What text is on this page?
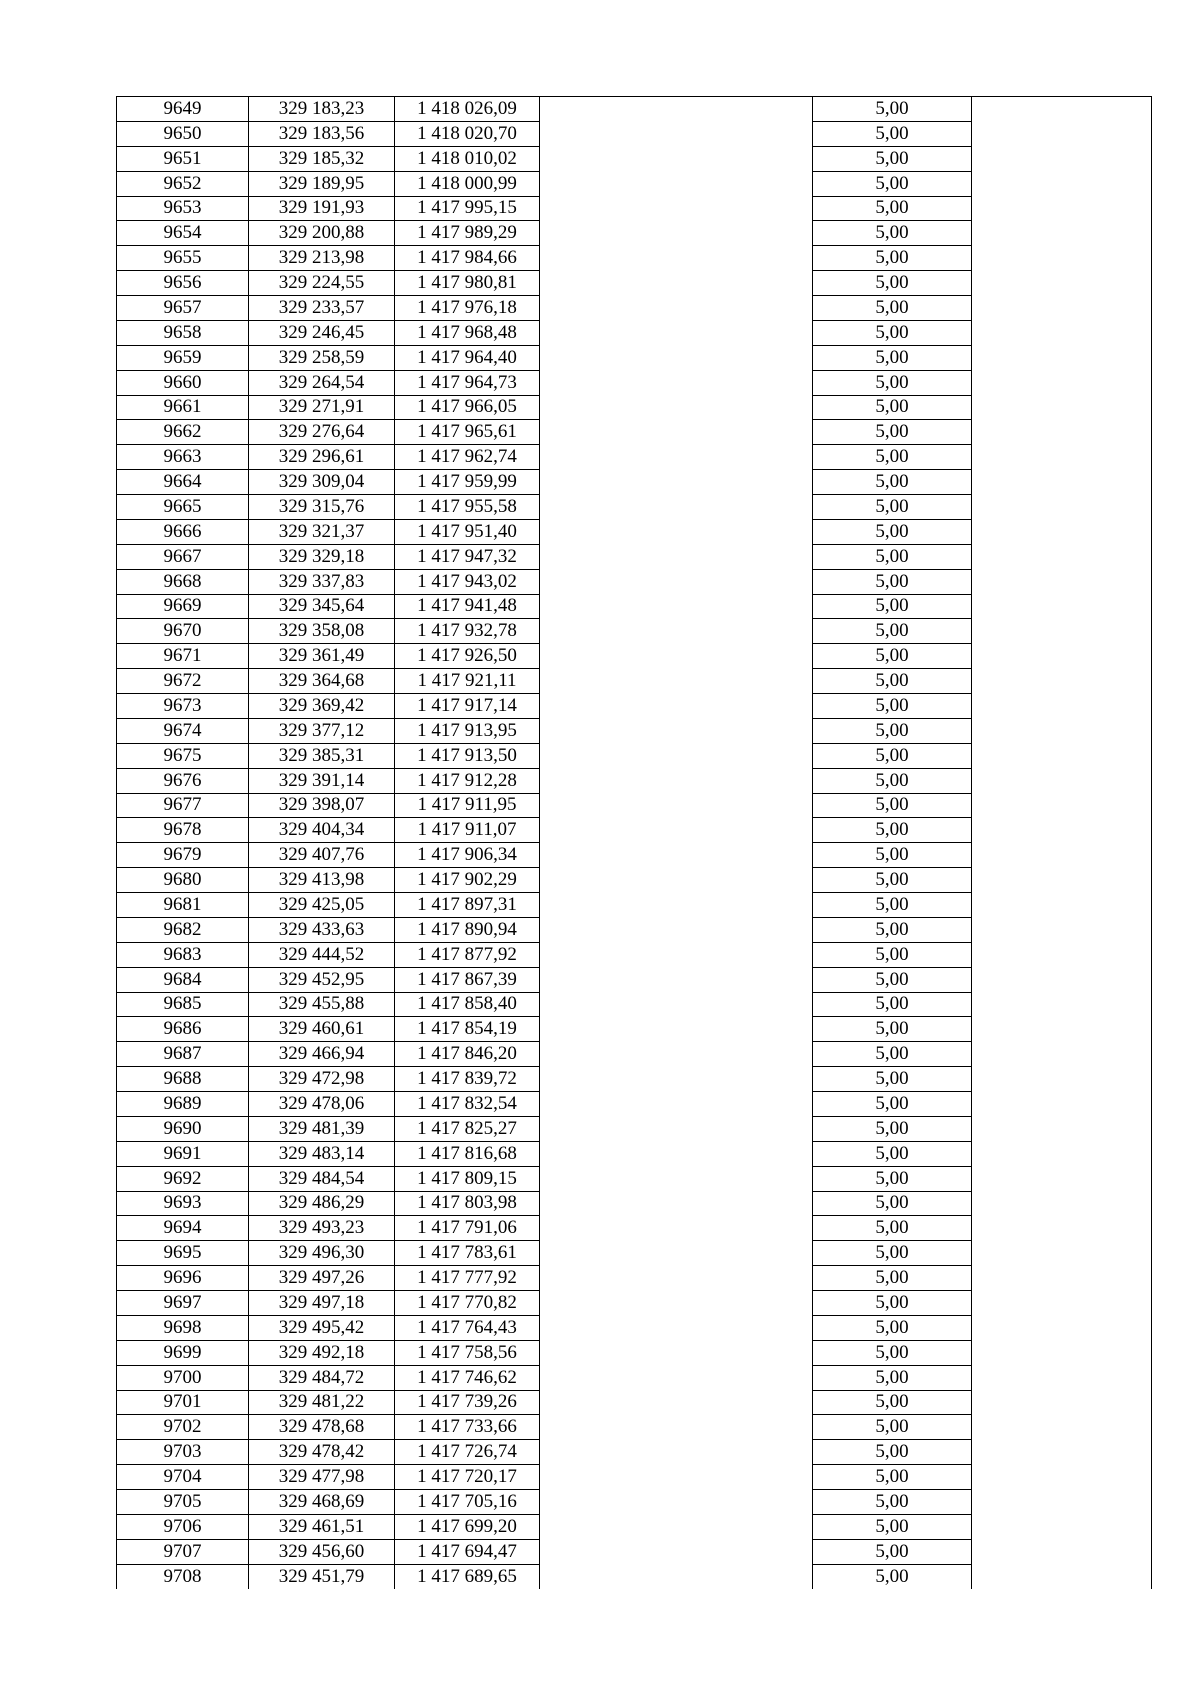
9649	329 183,23	1 418 026,09		5,00	
9650	329 183,56	1 418 020,70		5,00	
9651	329 185,32	1 418 010,02		5,00	
9652	329 189,95	1 418 000,99		5,00	
9653	329 191,93	1 417 995,15		5,00	
9654	329 200,88	1 417 989,29		5,00	
9655	329 213,98	1 417 984,66		5,00	
9656	329 224,55	1 417 980,81		5,00	
9657	329 233,57	1 417 976,18		5,00	
9658	329 246,45	1 417 968,48		5,00	
9659	329 258,59	1 417 964,40		5,00	
9660	329 264,54	1 417 964,73		5,00	
9661	329 271,91	1 417 966,05		5,00	
9662	329 276,64	1 417 965,61		5,00	
9663	329 296,61	1 417 962,74		5,00	
9664	329 309,04	1 417 959,99		5,00	
9665	329 315,76	1 417 955,58		5,00	
9666	329 321,37	1 417 951,40		5,00	
9667	329 329,18	1 417 947,32		5,00	
9668	329 337,83	1 417 943,02		5,00	
9669	329 345,64	1 417 941,48		5,00	
9670	329 358,08	1 417 932,78		5,00	
9671	329 361,49	1 417 926,50		5,00	
9672	329 364,68	1 417 921,11		5,00	
9673	329 369,42	1 417 917,14		5,00	
9674	329 377,12	1 417 913,95		5,00	
9675	329 385,31	1 417 913,50		5,00	
9676	329 391,14	1 417 912,28		5,00	
9677	329 398,07	1 417 911,95		5,00	
9678	329 404,34	1 417 911,07		5,00	
9679	329 407,76	1 417 906,34		5,00	
9680	329 413,98	1 417 902,29		5,00	
9681	329 425,05	1 417 897,31		5,00	
9682	329 433,63	1 417 890,94		5,00	
9683	329 444,52	1 417 877,92		5,00	
9684	329 452,95	1 417 867,39		5,00	
9685	329 455,88	1 417 858,40		5,00	
9686	329 460,61	1 417 854,19		5,00	
9687	329 466,94	1 417 846,20		5,00	
9688	329 472,98	1 417 839,72		5,00	
9689	329 478,06	1 417 832,54		5,00	
9690	329 481,39	1 417 825,27		5,00	
9691	329 483,14	1 417 816,68		5,00	
9692	329 484,54	1 417 809,15		5,00	
9693	329 486,29	1 417 803,98		5,00	
9694	329 493,23	1 417 791,06		5,00	
9695	329 496,30	1 417 783,61		5,00	
9696	329 497,26	1 417 777,92		5,00	
9697	329 497,18	1 417 770,82		5,00	
9698	329 495,42	1 417 764,43		5,00	
9699	329 492,18	1 417 758,56		5,00	
9700	329 484,72	1 417 746,62		5,00	
9701	329 481,22	1 417 739,26		5,00	
9702	329 478,68	1 417 733,66		5,00	
9703	329 478,42	1 417 726,74		5,00	
9704	329 477,98	1 417 720,17		5,00	
9705	329 468,69	1 417 705,16		5,00	
9706	329 461,51	1 417 699,20		5,00	
9707	329 456,60	1 417 694,47		5,00	
9708	329 451,79	1 417 689,65		5,00	
